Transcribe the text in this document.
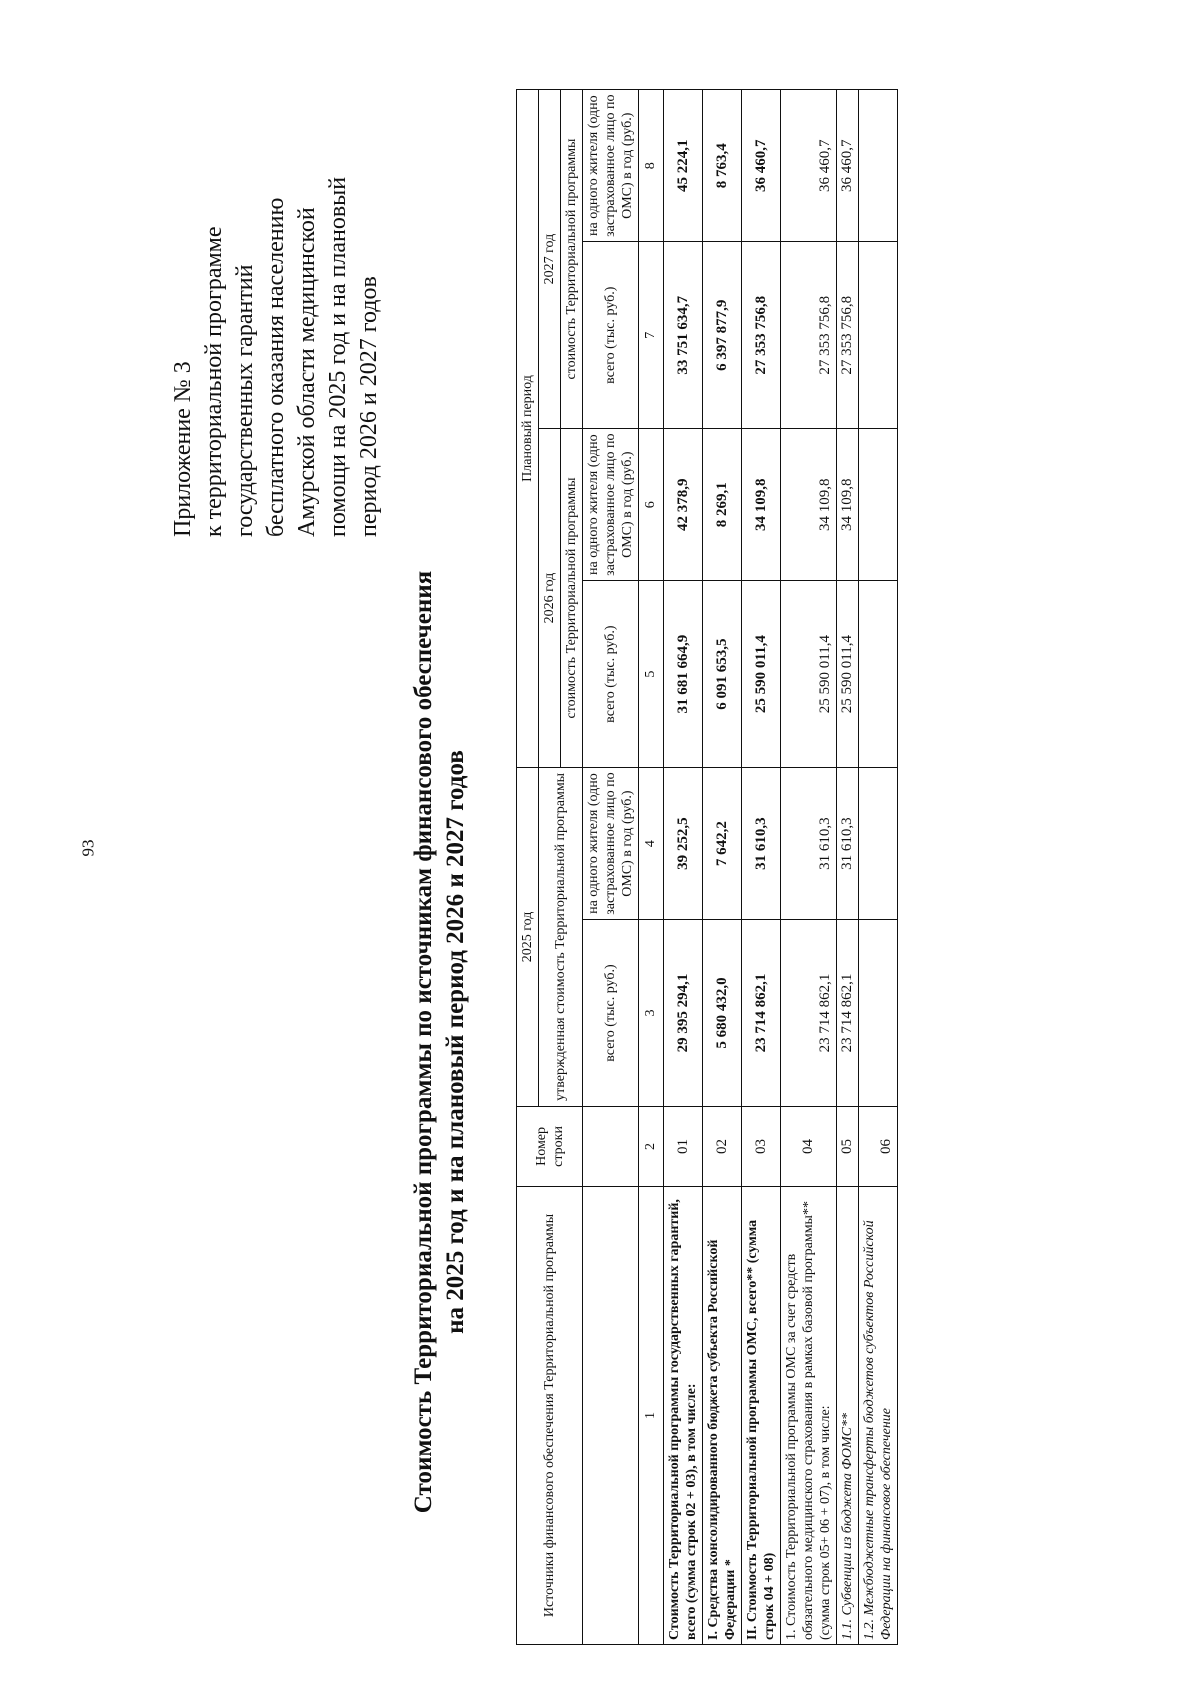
93
Приложение № 3 к территориальной программе государственных гарантий бесплатного оказания населению Амурской области медицинской помощи на 2025 год и на плановый период 2026 и 2027 годов
Стоимость Территориальной программы по источникам финансового обеспечения на 2025 год и на плановый период 2026 и 2027 годов
Источники финансового обеспечения Территориальной программы	Номер строки	2025 год		Плановый период			
		утвержденная стоимость Территориальной программы		2026 год		2027 год	
				стоимость Территориальной программы		стоимость Территориальной программы	
		всего (тыс. руб.)	на одного жителя (одно застрахованное лицо по ОМС) в год (руб.)	всего (тыс. руб.)	на одного жителя (одно застрахованное лицо по ОМС) в год (руб.)	всего (тыс. руб.)	на одного жителя (одно застрахованное лицо по ОМС) в год (руб.)
1	2	3	4	5	6	7	8
Стоимость Территориальной программы государственных гарантий, всего (сумма строк 02 + 03), в том числе:	01	29 395 294,1	39 252,5	31 681 664,9	42 378,9	33 751 634,7	45 224,1
I. Средства консолидированного бюджета субъекта Российской Федерации *	02	5 680 432,0	7 642,2	6 091 653,5	8 269,1	6 397 877,9	8 763,4
II. Стоимость Территориальной программы ОМС, всего** (сумма строк 04 + 08)	03	23 714 862,1	31 610,3	25 590 011,4	34 109,8	27 353 756,8	36 460,7
1. Стоимость Территориальной программы ОМС за счет средств обязательного медицинского страхования в рамках базовой программы** (сумма строк 05+ 06 + 07), в том числе:	04	23 714 862,1	31 610,3	25 590 011,4	34 109,8	27 353 756,8	36 460,7
1.1. Субвенции из бюджета ФОМС**	05	23 714 862,1	31 610,3	25 590 011,4	34 109,8	27 353 756,8	36 460,7
1.2. Межбюджетные трансферты бюджетов субъектов Российской Федерации на финансовое обеспечение	06						
